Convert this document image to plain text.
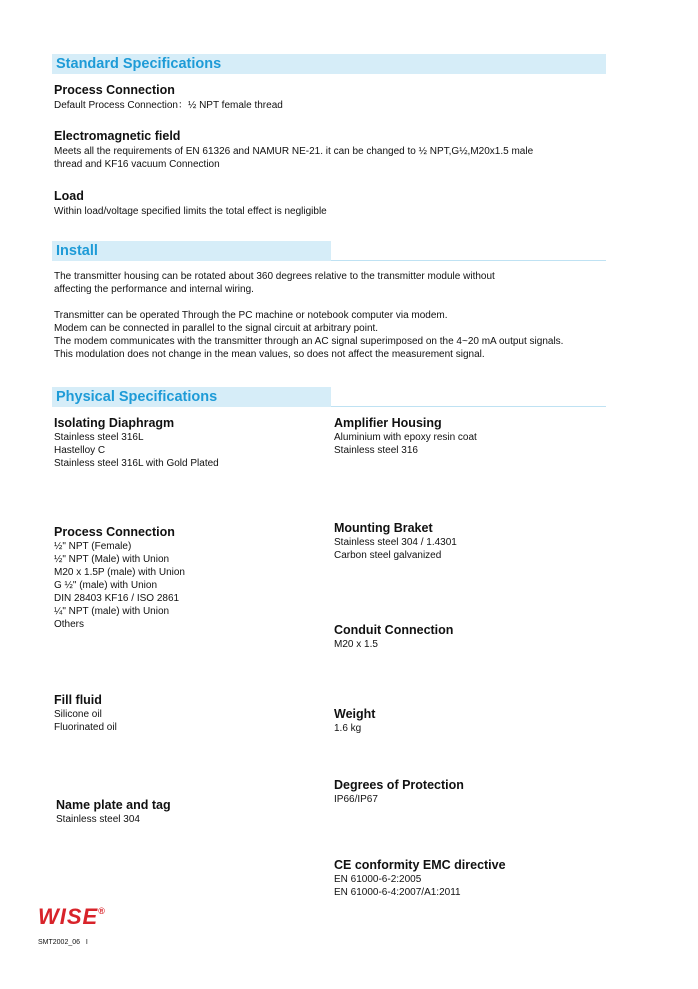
Standard Specifications
Process Connection
Default Process Connection：½ NPT female thread
Electromagnetic field
Meets all the requirements of EN 61326 and NAMUR NE-21. it can be changed to ½ NPT,G½,M20x1.5 male
thread and KF16 vacuum Connection
Load
Within load/voltage specified limits the total effect is negligible
Install
The transmitter housing can be rotated about 360 degrees relative to the transmitter module without
affecting the performance and internal wiring.
Transmitter can be operated Through the PC machine or notebook computer via modem.
Modem can be connected in parallel to the signal circuit at arbitrary point.
The modem communicates with the transmitter through an AC signal superimposed on the 4~20 mA output signals.
This modulation does not change in the mean values, so does not affect the measurement signal.
Physical Specifications
Isolating Diaphragm
Stainless steel 316L
Hastelloy C
Stainless steel 316L with Gold Plated
Process Connection
½" NPT (Female)
½" NPT (Male) with Union
M20 x 1.5P (male) with Union
G ½" (male) with Union
DIN 28403 KF16 / ISO 2861
¼" NPT (male) with Union
Others
Fill fluid
Silicone oil
Fluorinated oil
Name plate and tag
Stainless steel 304
Amplifier Housing
Aluminium with epoxy resin coat
Stainless steel 316
Mounting Braket
Stainless steel 304 / 1.4301
Carbon steel galvanized
Conduit Connection
M20 x 1.5
Weight
1.6 kg
Degrees of Protection
IP66/IP67
CE conformity EMC directive
EN 61000-6-2:2005
EN 61000-6-4:2007/A1:2011
WISE®
SMT2002_06 I
